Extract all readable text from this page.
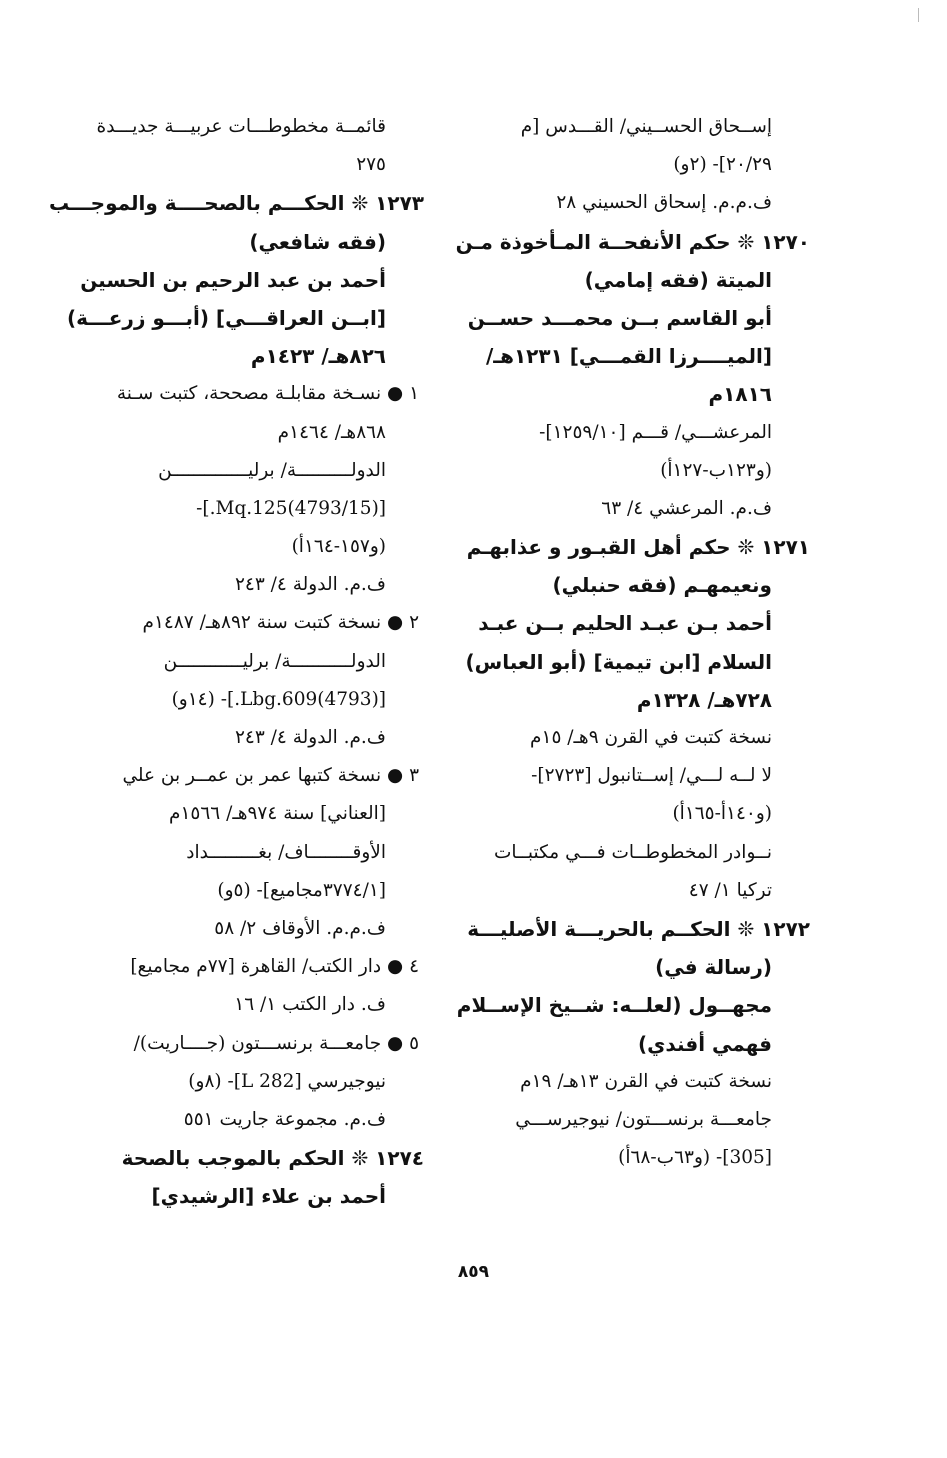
إســحاق الحســيني/ القـــدس [م
٢٠/٢٩]- (٢و)
ف.م.م. إسحاق الحسيني ٢٨
١٢٧٠ ❊ حكم الأنفحــة المـأخوذة مـن
الميتة (فقه إمامي)
أبو القاسم بــن محمـــد حســن
[الميــــرزا القمـــي] ١٢٣١هـ/
١٨١٦م
المرعشـــي/ قـــم [١٢٥٩/١٠]-
(و١٢٣ب-١٢٧أ)
ف.م. المرعشي ٤/ ٦٣
١٢٧١ ❊ حكم أهل القبـور و عذابهـم
ونعيمهـم (فقه حنبلي)
أحمد بـن عبـد الحليم بــن عبـد
السلام [ابن تيمية] (أبو العباس)
٧٢٨هـ/ ١٣٢٨م
نسخة كتبت في القرن ٩هـ/ ١٥م
لا لــه لـــي/ إســتانبول [٢٧٢٣]-
(و١٤٠أ-١٦٥أ)
نــوادر المخطوطــات فـــي مكتبــات
تركيا ١/ ٤٧
١٢٧٢ ❊ الحكــم بالحريـــة الأصليـــة
(رسالة في)
مجهــول (لعلــه: شــيخ الإســلام
فهمي أفندي)
نسخة كتبت في القرن ١٣هـ/ ١٩م
جامعـــة برنســـتون/ نيوجيرســـي
[305]- (و٦٣ب-٦٨أ)
قائمــة مخطوطـــات عربيـــة جديـــدة
٢٧٥
١٢٧٣ ❊ الحكـــم بالصحــــة والموجـــب
(فقه شافعي)
أحمد بن عبد الرحيم بن الحسين
[ابــن العراقـــي] (أبـــو زرعـــة)
٨٢٦هـ/ ١٤٢٣م
١ ● نسـخة مقابلـة مصححة، كتبت سـنة
٨٦٨هـ/ ١٤٦٤م
الدولــــــــــة/ برليــــــــــــــن
[(4793/15)Mq.125.]-
(و١٥٧-١٦٤أ)
ف.م. الدولة ٤/ ٢٤٣
٢ ● نسخة كتبت سنة ٨٩٢هـ/ ١٤٨٧م
الدولـــــــــــة/ برليــــــــــــن
[(4793)Lbg.609.]- (١٤و)
ف.م. الدولة ٤/ ٢٤٣
٣ ● نسخة كتبها عمر بن عمــر بن علي
[العناني] سنة ٩٧٤هـ/ ١٥٦٦م
الأوقــــــــاف/ بغـــــــــداد
[٣٧٧٤/١مجاميع]- (٥و)
ف.م.م. الأوقاف ٢/ ٥٨
٤ ● دار الكتب/ القاهرة [٧٧م مجاميع]
ف. دار الكتب ١/ ١٦
٥ ● جامعـــة برنســـتون (جــــاريت)/
نيوجيرسي [282 L]- (٨و)
ف.م. مجموعة جاريت ٥٥١
١٢٧٤ ❊ الحكم بالموجب بالصحة
أحمد بن علاء [الرشيدي]
٨٥٩
